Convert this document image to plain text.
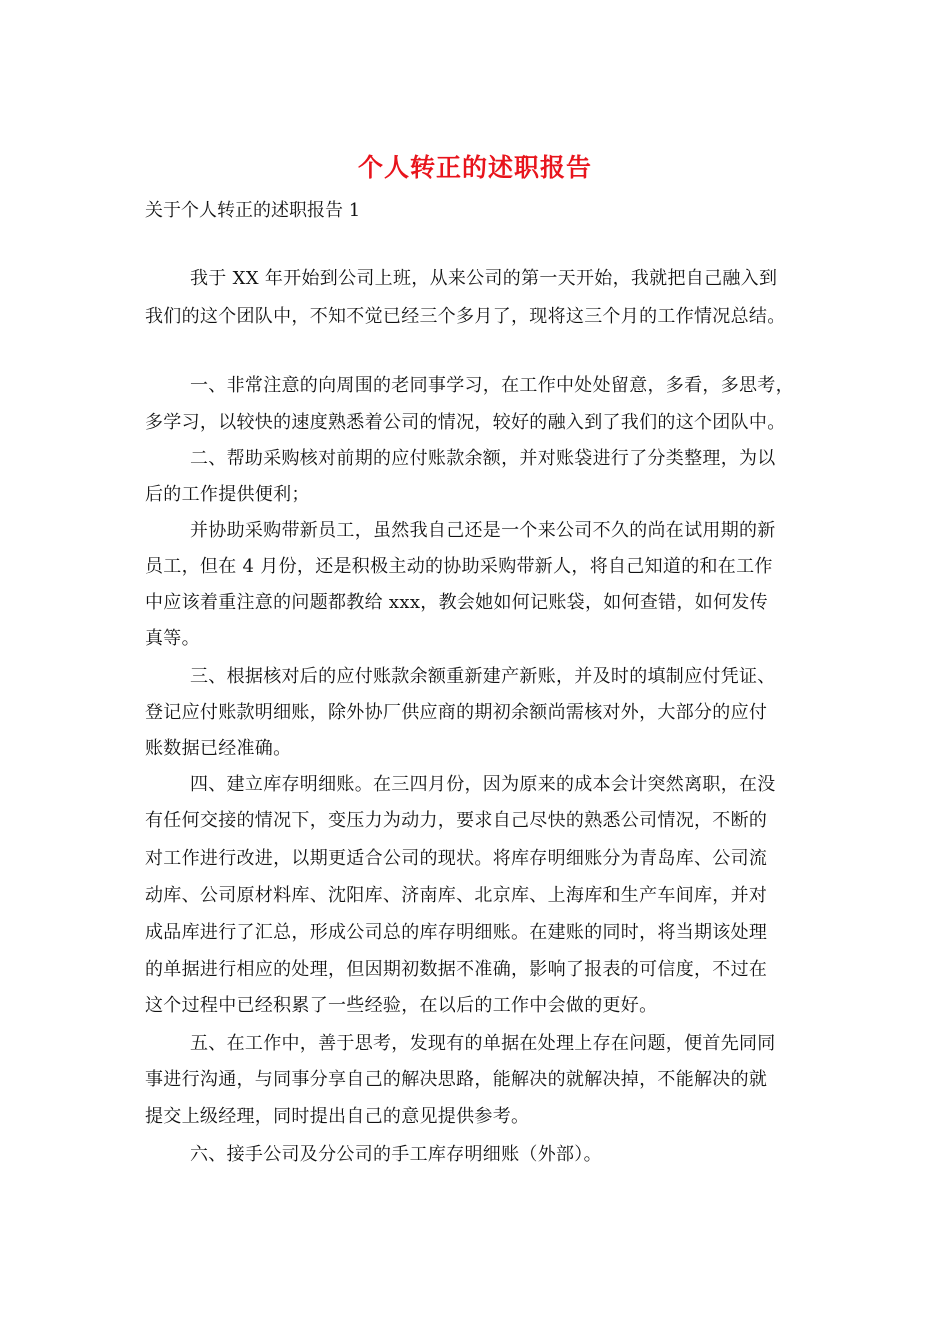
个人转正的述职报告
关于个人转正的述职报告 1
我于 XX 年开始到公司上班，从来公司的第一天开始，我就把自己融入到
我们的这个团队中，不知不觉已经三个多月了，现将这三个月的工作情况总结。
一、非常注意的向周围的老同事学习，在工作中处处留意，多看，多思考，
多学习，以较快的速度熟悉着公司的情况，较好的融入到了我们的这个团队中。
二、帮助采购核对前期的应付账款余额，并对账袋进行了分类整理，为以
后的工作提供便利；
并协助采购带新员工，虽然我自己还是一个来公司不久的尚在试用期的新
员工，但在 4 月份，还是积极主动的协助采购带新人，将自己知道的和在工作
中应该着重注意的问题都教给 xxx，教会她如何记账袋，如何查错，如何发传
真等。
三、根据核对后的应付账款余额重新建产新账，并及时的填制应付凭证、
登记应付账款明细账，除外协厂供应商的期初余额尚需核对外，大部分的应付
账数据已经准确。
四、建立库存明细账。在三四月份，因为原来的成本会计突然离职，在没
有任何交接的情况下，变压力为动力，要求自己尽快的熟悉公司情况，不断的
对工作进行改进，以期更适合公司的现状。将库存明细账分为青岛库、公司流
动库、公司原材料库、沈阳库、济南库、北京库、上海库和生产车间库，并对
成品库进行了汇总，形成公司总的库存明细账。在建账的同时，将当期该处理
的单据进行相应的处理，但因期初数据不准确，影响了报表的可信度，不过在
这个过程中已经积累了一些经验，在以后的工作中会做的更好。
五、在工作中，善于思考，发现有的单据在处理上存在问题，便首先同同
事进行沟通，与同事分享自己的解决思路，能解决的就解决掉，不能解决的就
提交上级经理，同时提出自己的意见提供参考。
六、接手公司及分公司的手工库存明细账（外部）。
